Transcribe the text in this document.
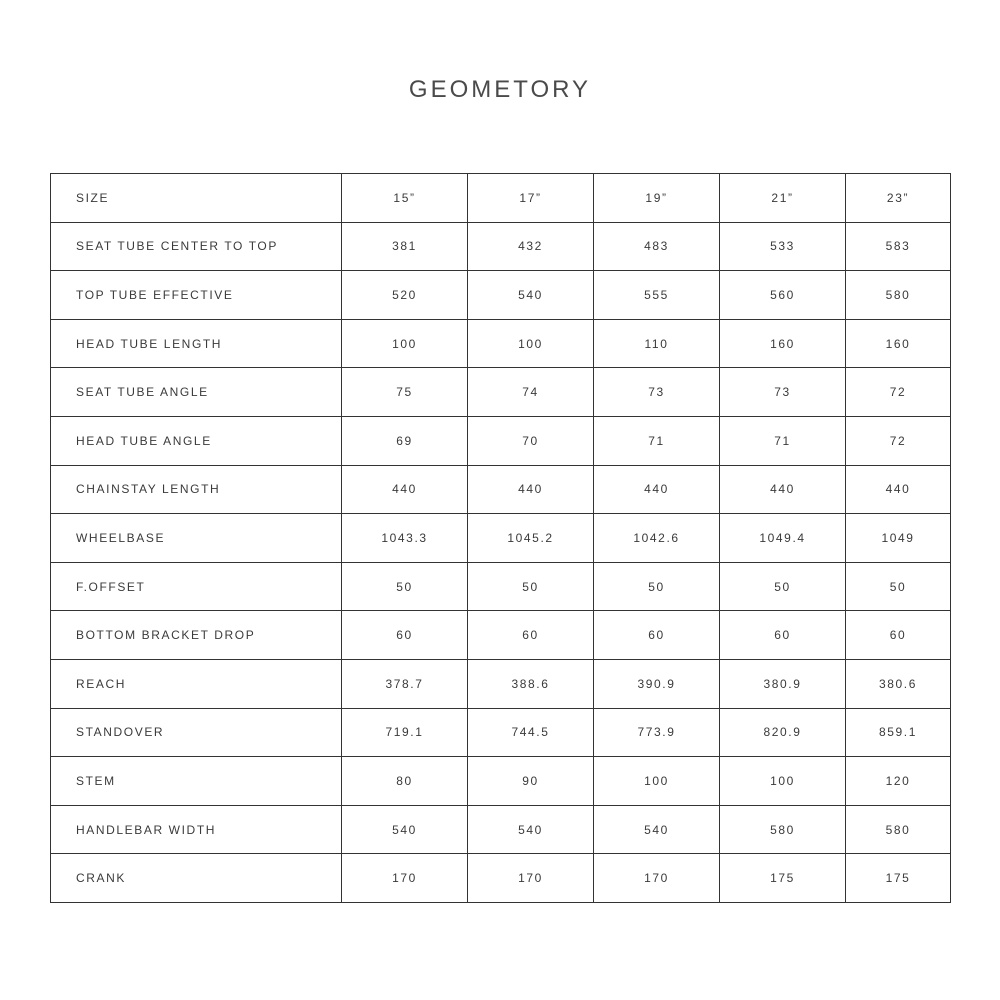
GEOMETORY
SIZE	15”	17”	19”	21”	23”
SEAT TUBE CENTER TO TOP	381	432	483	533	583
TOP TUBE EFFECTIVE	520	540	555	560	580
HEAD TUBE LENGTH	100	100	110	160	160
SEAT TUBE ANGLE	75	74	73	73	72
HEAD TUBE ANGLE	69	70	71	71	72
CHAINSTAY LENGTH	440	440	440	440	440
WHEELBASE	1043.3	1045.2	1042.6	1049.4	1049
F.OFFSET	50	50	50	50	50
BOTTOM BRACKET DROP	60	60	60	60	60
REACH	378.7	388.6	390.9	380.9	380.6
STANDOVER	719.1	744.5	773.9	820.9	859.1
STEM	80	90	100	100	120
HANDLEBAR WIDTH	540	540	540	580	580
CRANK	170	170	170	175	175
